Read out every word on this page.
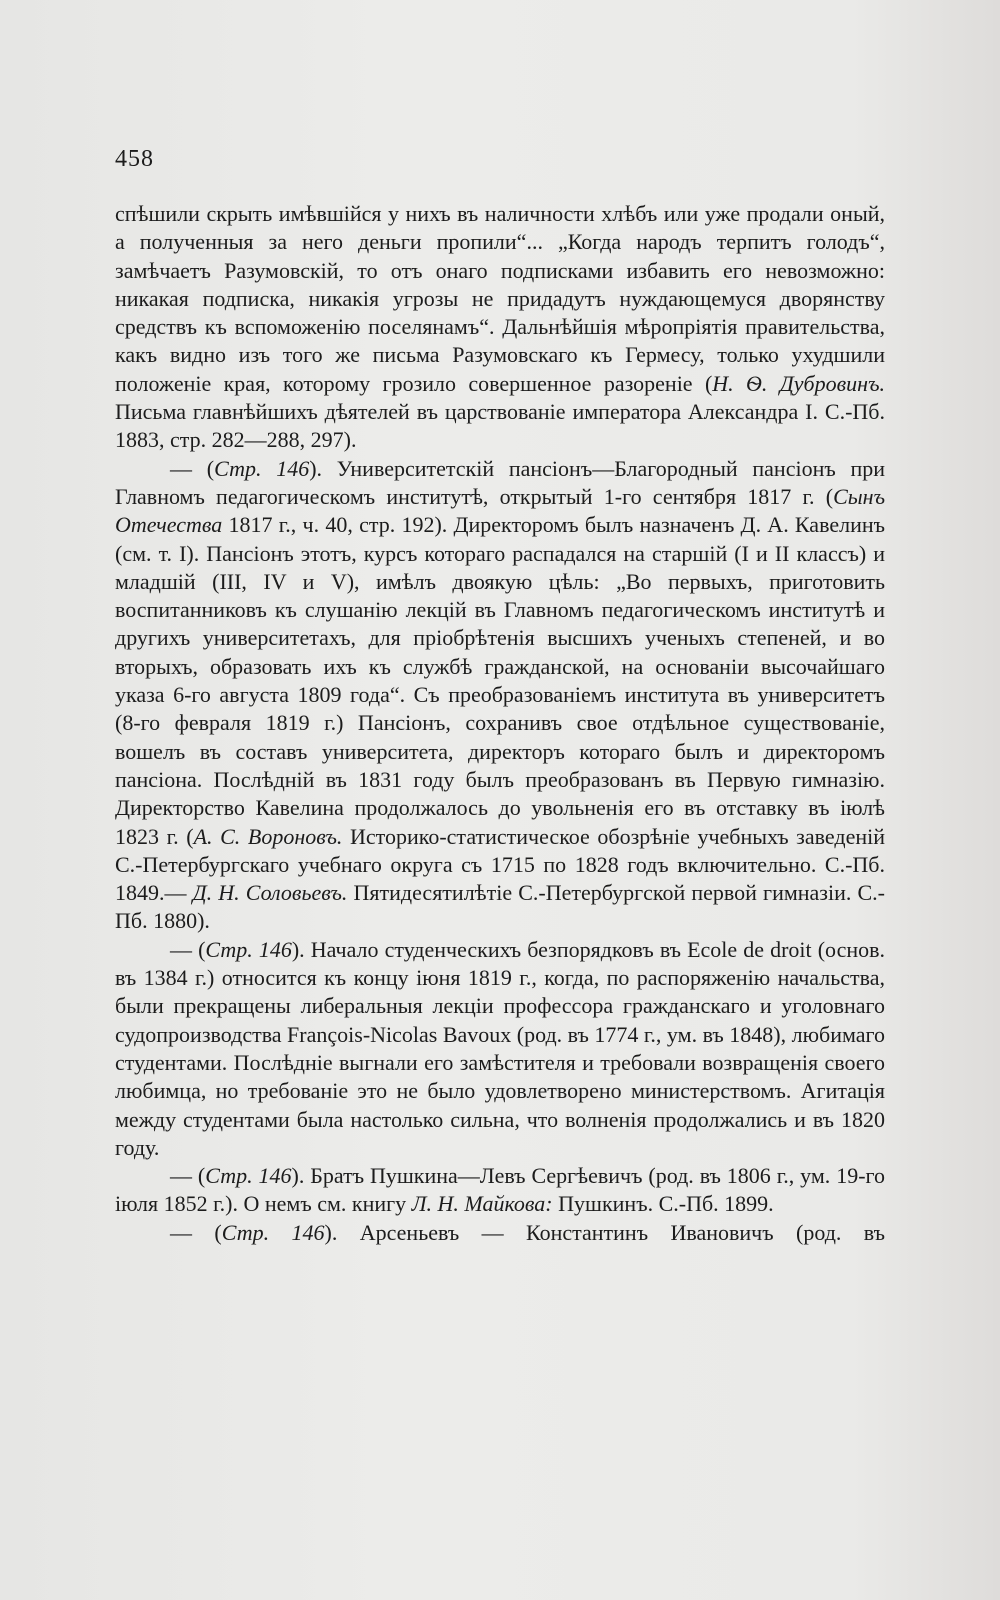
458

спѣшили скрыть имѣвшійся у нихъ въ наличности хлѣбъ или уже продали оный, а полученныя за него деньги пропили“... „Когда народъ терпитъ голодъ“, замѣчаетъ Разумовскій, то отъ онаго подписками избавить его невозможно: никакая подписка, никакія угрозы не придадутъ нуждающемуся дворянству средствъ къ вспоможенію поселянамъ“. Дальнѣйшія мѣропріятія правительства, какъ видно изъ того же письма Разумовскаго къ Гермесу, только ухудшили положеніе края, которому грозило совершенное разореніе (Н. Ѳ. Дубровинъ. Письма главнѣйшихъ дѣятелей въ царствованіе императора Александра I. С.-Пб. 1883, стр. 282—288, 297).

— (Стр. 146). Университетскій пансіонъ—Благородный пансіонъ при Главномъ педагогическомъ институтѣ, открытый 1-го сентября 1817 г. (Сынъ Отечества 1817 г., ч. 40, стр. 192). Директоромъ былъ назначенъ Д. А. Кавелинъ (см. т. I). Пансіонъ этотъ, курсъ котораго распадался на старшій (I и II классъ) и младшій (III, IV и V), имѣлъ двоякую цѣль: „Во первыхъ, приготовить воспитанниковъ къ слушанію лекцій въ Главномъ педагогическомъ институтѣ и другихъ университетахъ, для пріобрѣтенія высшихъ ученыхъ степеней, и во вторыхъ, образовать ихъ къ службѣ гражданской, на основаніи высочайшаго указа 6-го августа 1809 года“. Съ преобразованіемъ института въ университетъ (8-го февраля 1819 г.) Пансіонъ, сохранивъ свое отдѣльное существованіе, вошелъ въ составъ университета, директоръ котораго былъ и директоромъ пансіона. Послѣдній въ 1831 году былъ преобразованъ въ Первую гимназію. Директорство Кавелина продолжалось до увольненія его въ отставку въ іюлѣ 1823 г. (А. С. Вороновъ. Историко-статистическое обозрѣніе учебныхъ заведеній С.-Петербургскаго учебнаго округа съ 1715 по 1828 годъ включительно. С.-Пб. 1849.— Д. Н. Соловьевъ. Пятидесятилѣтіе С.-Петербургской первой гимназіи. С.-Пб. 1880).

— (Стр. 146). Начало студенческихъ безпорядковъ въ Ecole de droit (основ. въ 1384 г.) относится къ концу іюня 1819 г., когда, по распоряженію начальства, были прекращены либеральныя лекціи профессора гражданскаго и уголовнаго судопроизводства François-Nicolas Bavoux (род. въ 1774 г., ум. въ 1848), любимаго студентами. Послѣдніе выгнали его замѣстителя и требовали возвращенія своего любимца, но требованіе это не было удовлетворено министерствомъ. Агитація между студентами была настолько сильна, что волненія продолжались и въ 1820 году.

— (Стр. 146). Братъ Пушкина—Левъ Сергѣевичъ (род. въ 1806 г., ум. 19-го іюля 1852 г.). О немъ см. книгу Л. Н. Майкова: Пушкинъ. С.-Пб. 1899.

— (Стр. 146). Арсеньевъ — Константинъ Ивановичъ (род. въ
